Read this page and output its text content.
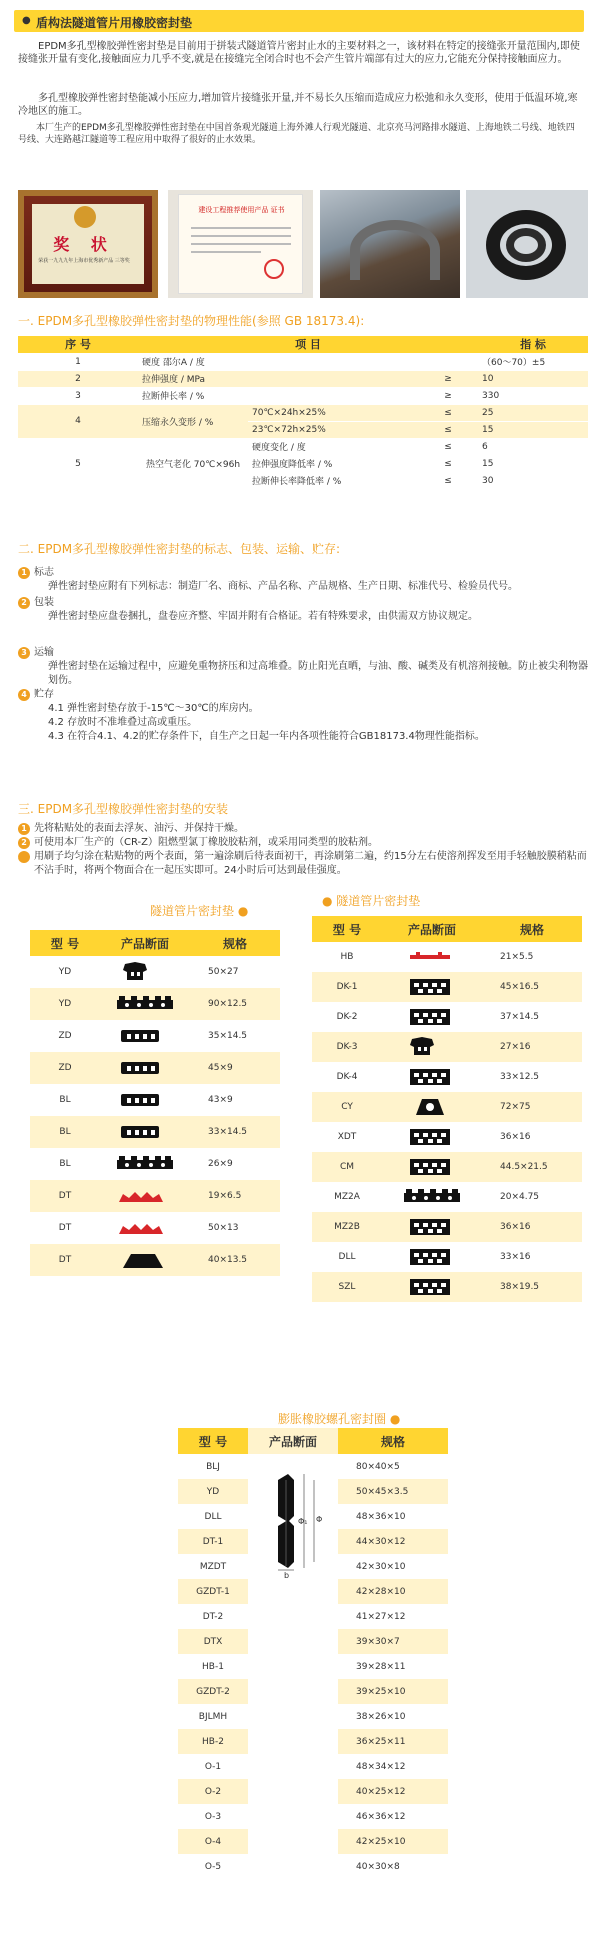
● 盾构法隧道管片用橡胶密封垫
EPDM多孔型橡胶弹性密封垫是目前用于拼装式隧道管片密封止水的主要材料之一，该材料在特定的接缝张开量范围内,即使接缝张开量有变化,接触面应力几乎不变,就是在接缝完全闭合时也不会产生管片端部有过大的应力,它能充分保持接触面应力。
多孔型橡胶弹性密封垫能减小压应力,增加管片接缝张开量,并不易长久压缩而造成应力松弛和永久变形，使用于低温环境,寒冷地区的施工。
本厂生产的EPDM多孔型橡胶弹性密封垫在中国首条观光隧道上海外滩人行观光隧道、北京亮马河路排水隧道、上海地铁二号线、地铁四号线、大连路越江隧道等工程应用中取得了很好的止水效果。
奖 状
荣获一九九九年上海市优秀新产品 三等奖
建设工程推荐使用产品 证书
一. EPDM多孔型橡胶弹性密封垫的物理性能(参照 GB 18173.4):
序 号	项 目			指 标
1	硬度 邵尔A / 度			（60～70）±5
2	拉伸强度 / MPa		≥	10
3	拉断伸长率 / %		≥	330
4	压缩永久变形 / %	70℃×24h×25%	≤	25
		23℃×72h×25%	≤	15
5	热空气老化 70℃×96h	硬度变化 / 度	≤	6
		拉伸强度降低率 / %	≤	15
		拉断伸长率降低率 / %	≤	30
二. EPDM多孔型橡胶弹性密封垫的标志、包装、运输、贮存:
1 标志
弹性密封垫应附有下列标志：制造厂名、商标、产品名称、产品规格、生产日期、标准代号、检验员代号。
2 包装
弹性密封垫应盘卷捆扎，盘卷应齐整、牢固并附有合格证。若有特殊要求，由供需双方协议规定。
3 运输
弹性密封垫在运输过程中，应避免重物挤压和过高堆叠。防止阳光直晒，与油、酸、碱类及有机溶剂接触。防止被尖利物器划伤。
4 贮存
4.1 弹性密封垫存放于-15℃～30℃的库房内。
4.2 存放时不准堆叠过高或重压。
4.3 在符合4.1、4.2的贮存条件下，自生产之日起一年内各项性能符合GB18173.4物理性能指标。
三. EPDM多孔型橡胶弹性密封垫的安装
1 先将粘贴处的表面去浮灰、油污、并保持干燥。
2 可使用本厂生产的（CR-Z）阻燃型氯丁橡胶胶粘剂，或采用同类型的胶粘剂。
3 用刷子均匀涂在粘贴物的两个表面，第一遍涂刷后待表面初干，再涂刷第二遍，约15分左右使溶剂挥发至用手轻触胶膜稍粘而不沾手时，将两个物面合在一起压实即可。24小时后可达到最佳强度。
隧道管片密封垫 ●
型 号	产品断面	规格
YD		50×27
YD		90×12.5
ZD		35×14.5
ZD		45×9
BL		43×9
BL		33×14.5
BL		26×9
DT		19×6.5
DT		50×13
DT		40×13.5
● 隧道管片密封垫
型 号	产品断面	规格
HB		21×5.5
DK-1		45×16.5
DK-2		37×14.5
DK-3		27×16
DK-4		33×12.5
CY		72×75
XDT		36×16
CM		44.5×21.5
MZ2A		20×4.75
MZ2B		36×16
DLL		33×16
SZL		38×19.5
膨胀橡胶螺孔密封圈 ●
型 号	产品断面	规格
BLJ		80×40×5
YD		50×45×3.5
DLL		48×36×10
DT-1		44×30×12
MZDT		42×30×10
GZDT-1		42×28×10
DT-2		41×27×12
DTX		39×30×7
HB-1		39×28×11
GZDT-2		39×25×10
BJLMH		38×26×10
HB-2		36×25×11
O-1		48×34×12
O-2		40×25×12
O-3		46×36×12
O-4		42×25×10
O-5		40×30×8
Φ₁ Φ
b
